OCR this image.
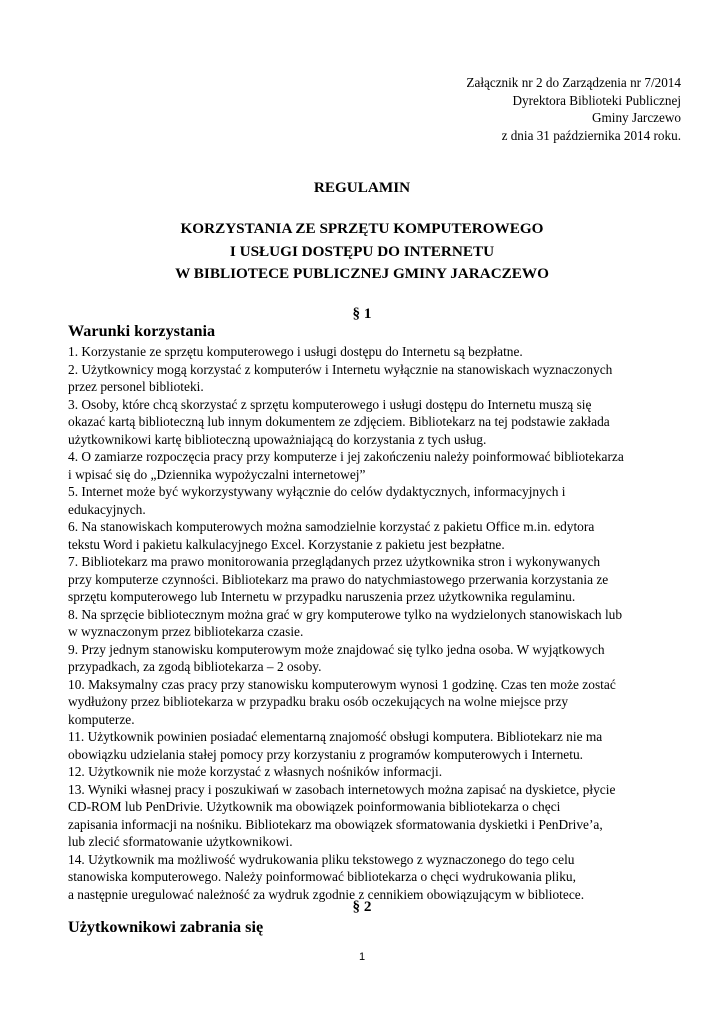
Załącznik nr 2 do Zarządzenia nr 7/2014
Dyrektora Biblioteki Publicznej
Gminy Jarczewo
z dnia 31 października 2014 roku.
REGULAMIN
KORZYSTANIA ZE SPRZĘTU KOMPUTEROWEGO
I USŁUGI DOSTĘPU DO INTERNETU
W BIBLIOTECE PUBLICZNEJ GMINY JARACZEWO
§ 1
Warunki korzystania
1. Korzystanie ze sprzętu komputerowego i usługi dostępu do Internetu są bezpłatne.
2. Użytkownicy mogą korzystać z komputerów i Internetu wyłącznie na stanowiskach wyznaczonych
przez personel biblioteki.
3. Osoby, które chcą skorzystać z sprzętu komputerowego i usługi dostępu do Internetu muszą się
okazać kartą biblioteczną lub innym dokumentem ze zdjęciem. Bibliotekarz na tej podstawie zakłada
użytkownikowi kartę biblioteczną upoważniającą do korzystania z tych usług.
4. O zamiarze rozpoczęcia pracy przy komputerze i jej zakończeniu należy poinformować bibliotekarza
i wpisać się do „Dziennika wypożyczalni internetowej”
5. Internet może być wykorzystywany wyłącznie do celów dydaktycznych, informacyjnych i
edukacyjnych.
6. Na stanowiskach komputerowych można samodzielnie korzystać z pakietu Office m.in. edytora
tekstu Word i pakietu kalkulacyjnego Excel. Korzystanie z pakietu jest bezpłatne.
7. Bibliotekarz ma prawo monitorowania przeglądanych przez użytkownika stron i wykonywanych
przy komputerze czynności. Bibliotekarz ma prawo do natychmiastowego przerwania korzystania ze
sprzętu komputerowego lub Internetu w przypadku naruszenia przez użytkownika regulaminu.
8. Na sprzęcie bibliotecznym można grać w gry komputerowe tylko na wydzielonych stanowiskach lub
w wyznaczonym przez bibliotekarza czasie.
9. Przy jednym stanowisku komputerowym może znajdować się tylko jedna osoba. W wyjątkowych
przypadkach, za zgodą bibliotekarza – 2 osoby.
10. Maksymalny czas pracy przy stanowisku komputerowym wynosi 1 godzinę. Czas ten może zostać
wydłużony przez bibliotekarza w przypadku braku osób oczekujących na wolne miejsce przy
komputerze.
11. Użytkownik powinien posiadać elementarną znajomość obsługi komputera. Bibliotekarz nie ma
obowiązku udzielania stałej pomocy przy korzystaniu z programów komputerowych i Internetu.
12. Użytkownik nie może korzystać z własnych nośników informacji.
13. Wyniki własnej pracy i poszukiwań w zasobach internetowych można zapisać na dyskietce, płycie
CD-ROM lub PenDrivie. Użytkownik ma obowiązek poinformowania bibliotekarza o chęci
zapisania informacji na nośniku. Bibliotekarz ma obowiązek sformatowania dyskietki i PenDrive’a,
lub zlecić sformatowanie użytkownikowi.
14. Użytkownik ma możliwość wydrukowania pliku tekstowego z wyznaczonego do tego celu
stanowiska komputerowego. Należy poinformować bibliotekarza o chęci wydrukowania pliku,
a następnie uregulować należność za wydruk zgodnie z cennikiem obowiązującym w bibliotece.
§ 2
Użytkownikowi zabrania się
1
